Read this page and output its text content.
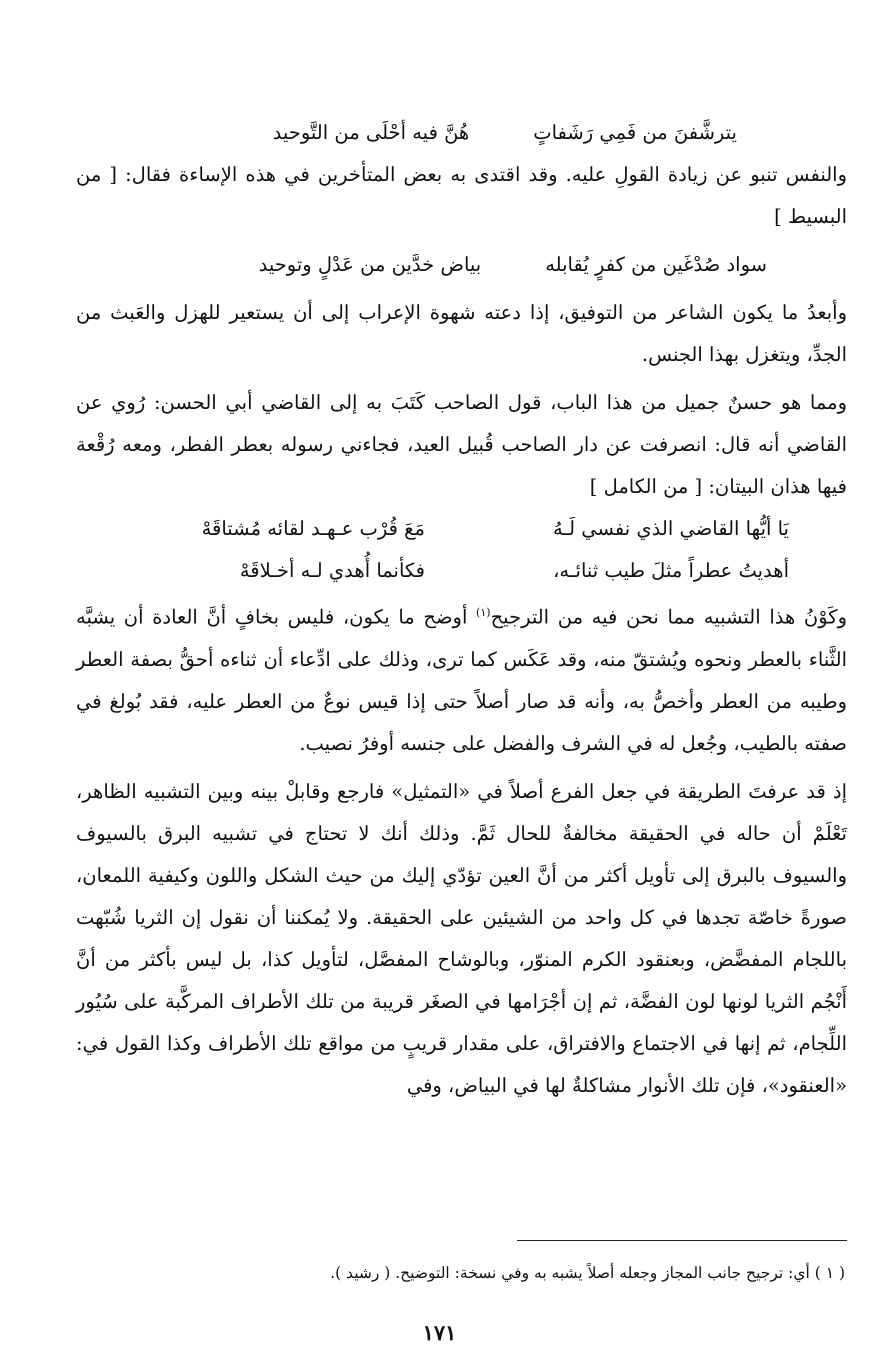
يترشَّفنَ من فَمِي رَشَفاتٍ
هُنَّ فيه أحْلَى من التَّوحيد

والنفس تنبو عن زيادة القولِ عليه. وقد اقتدى به بعض المتأخرين في هذه الإساءة فقال: [ من البسيط ]

سواد صُدْغَين من كفرٍ يُقابله
بياض خدَّين من عَدْلٍ وتوحيد

وأبعدُ ما يكون الشاعر من التوفيق، إذا دعته شهوة الإعراب إلى أن يستعير للهزل والعَبث من الجدِّ، ويتغزل بهذا الجنس.

ومما هو حسنٌ جميل من هذا الباب، قول الصاحب كَتَبَ به إلى القاضي أبي الحسن: رُوي عن القاضي أنه قال: انصرفت عن دار الصاحب قُبيل العيد، فجاءني رسوله بعطر الفطر، ومعه رُقْعة فيها هذان البيتان: [ من الكامل ]

يَا أيُّها القاضي الذي نفسي لَـهُ
مَعَ قُرْب عـهـد لقائه مُشتاقَهْ
أهديتُ عطراً مثلَ طيب ثنائـه،
فكأنما أُهدي لـه أخـلاقَهْ

وكَوْنُ هذا التشبيه مما نحن فيه من الترجيح$^{(١)}$ أوضح ما يكون، فليس بخافٍ أنَّ العادة أن يشبَّه الثَّناء بالعطر ونحوه ويُشتقّ منه، وقد عَكَس كما ترى، وذلك على ادِّعاء أن ثناءه أحقُّ بصفة العطر وطيبه من العطر وأخصُّ به، وأنه قد صار أصلاً حتى إذا قيس نوعٌ من العطر عليه، فقد بُولغ في صفته بالطيب، وجُعل له في الشرف والفضل على جنسه أوفرُ نصيب.

إذ قد عرفتَ الطريقة في جعل الفرع أصلاً في «التمثيل» فارجع وقابلْ بينه وبين التشبيه الظاهر، تَعْلَمْ أن حاله في الحقيقة مخالفةٌ للحال ثَمَّ. وذلك أنك لا تحتاج في تشبيه البرق بالسيوف والسيوف بالبرق إلى تأويل أكثر من أنَّ العين تؤدّي إليك من حيث الشكل واللون وكيفية اللمعان، صورةً خاصّة تجدها في كل واحد من الشيئين على الحقيقة. ولا يُمكننا أن نقول إن الثريا شُبّهت باللجام المفضَّض، وبعنقود الكرم المنوّر، وبالوشاح المفصَّل، لتأويل كذا، بل ليس بأكثر من أنَّ أَنْجُم الثريا لونها لون الفضَّة، ثم إن أجْرَامها في الصغَر قريبة من تلك الأطراف المركَّبة على سُيُور اللِّجام، ثم إنها في الاجتماع والافتراق، على مقدار قريبٍ من مواقع تلك الأطراف وكذا القول في: «العنقود»، فإن تلك الأنوار مشاكلةٌ لها في البياض، وفي

( ١ ) أي: ترجيح جانب المجاز وجعله أصلاً يشبه به وفي نسخة: التوضيح. ( رشيد ).
١٧١
